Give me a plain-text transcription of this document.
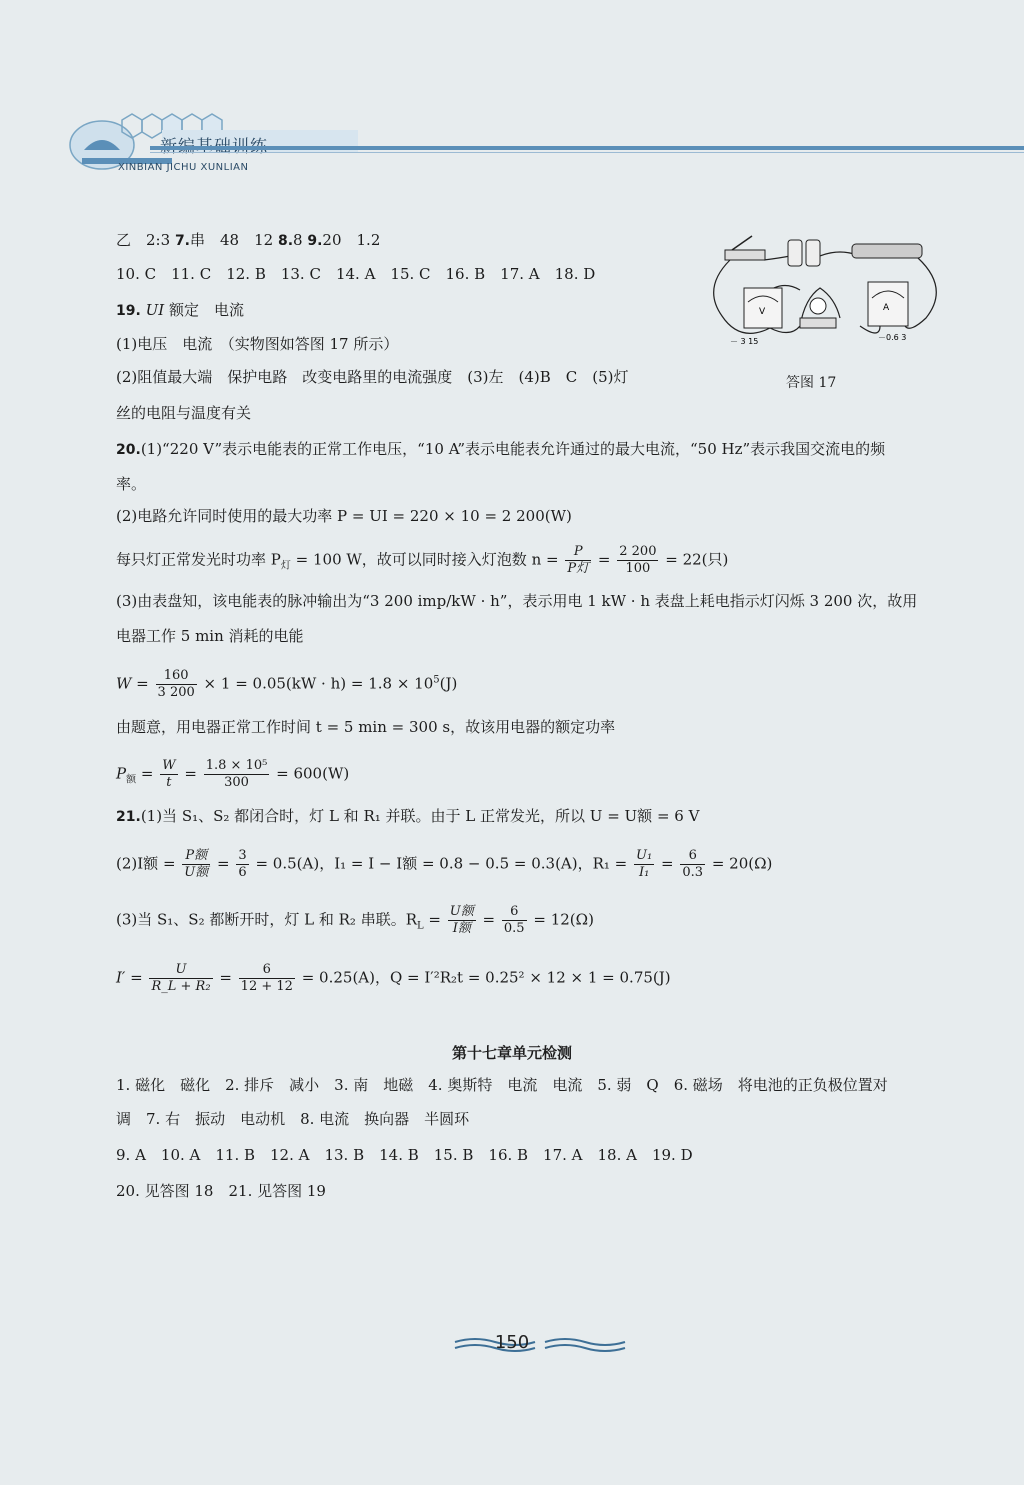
XINBIAN JICHU XUNLIAN
V	A
－ 3 15	－0.6 3
答图 17
乙　2:3 7.串　48　12 8.8 9.20　1.2
10. C　11. C　12. B　13. C　14. A　15. C　16. B　17. A　18. D
19. UI 额定　电流
(1)电压　电流　（实物图如答图 17 所示）
(2)阻值最大端　保护电路　改变电路里的电流强度　(3)左　(4)B　C　(5)灯
丝的电阻与温度有关
20.(1)“220 V”表示电能表的正常工作电压，“10 A”表示电能表允许通过的最大电流，“50 Hz”表示我国交流电的频
率。
(2)电路允许同时使用的最大功率 P = UI = 220 × 10 = 2 200(W)
每只灯正常发光时功率 $P_灯 = 100$ W，故可以同时接入灯泡数 $n = \frac{P}{\text{P灯}} = \frac{2 200}{100} = 22$(只)
(3)由表盘知，该电能表的脉冲输出为“3 200 imp/kW · h”，表示用电 1 kW · h 表盘上耗电指示灯闪烁 3 200 次，故用
电器工作 5 min 消耗的电能
$W = \frac{160}{3 200} \times 1 = 0.05(kW \cdot h) = 1.8 \times 10^5(J)$
由题意，用电器正常工作时间 t = 5 min = 300 s，故该用电器的额定功率
$P_额 = \frac{W}{t} = \frac{\text{1.8 × 10⁵}}{300} = 600(W)$
21.(1)当 S₁、S₂ 都闭合时，灯 L 和 R₁ 并联。由于 L 正常发光，所以 U = U额 = 6 V
(2)I额 = $\frac{\text{P额}}{\text{U额}} = \frac{3}{6} = 0.5(A)$，I₁ = I − I额 = 0.8 − 0.5 = 0.3(A)，$R_1 = \frac{\text{U₁}}{\text{I₁}} = \frac{6}{0.3} = 20(\Omega)$
(3)当 S₁、S₂ 都断开时，灯 L 和 R₂ 串联。$R_L = \frac{\text{U额}}{\text{I额}} = \frac{6}{0.5} = 12(\Omega)$
$I' = \frac{U}{\text{R\_L + R₂}} = \frac{6}{12 + 12} = 0.25(A)$，Q = I′²R₂t = 0.25² × 12 × 1 = 0.75(J)
第十七章单元检测
1. 磁化　磁化　2. 排斥　减小　3. 南　地磁　4. 奥斯特　电流　电流　5. 弱　Q　6. 磁场　将电池的正负极位置对
调　7. 右　振动　电动机　8. 电流　换向器　半圆环
9. A　10. A　11. B　12. A　13. B　14. B　15. B　16. B　17. A　18. A　19. D
20. 见答图 18　21. 见答图 19
150
